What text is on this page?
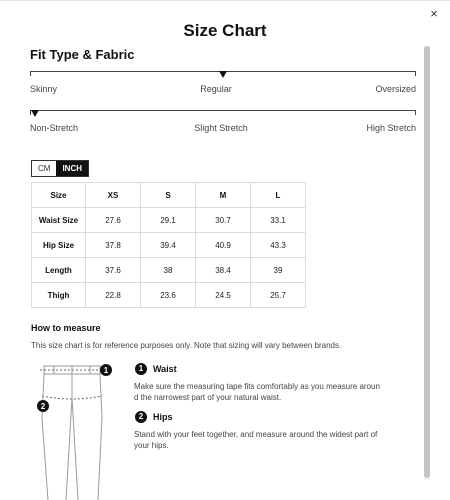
×
Size Chart
Fit Type & Fabric
Skinny	Regular	Oversized
Non-Stretch	Slight Stretch	High Stretch
CM	INCH
Size	XS	S	M	L
Waist Size	27.6	29.1	30.7	33.1
Hip Size	37.8	39.4	40.9	43.3
Length	37.6	38	38.4	39
Thigh	22.8	23.6	24.5	25.7
How to measure
This size chart is for reference purposes only. Note that sizing will vary between brands.
1
2
1	Waist
Make sure the measuring tape fits comfortably as you measure aroun
d the narrowest part of your natural waist.
2	Hips
Stand with your feet together, and measure around the widest part of
your hips.
